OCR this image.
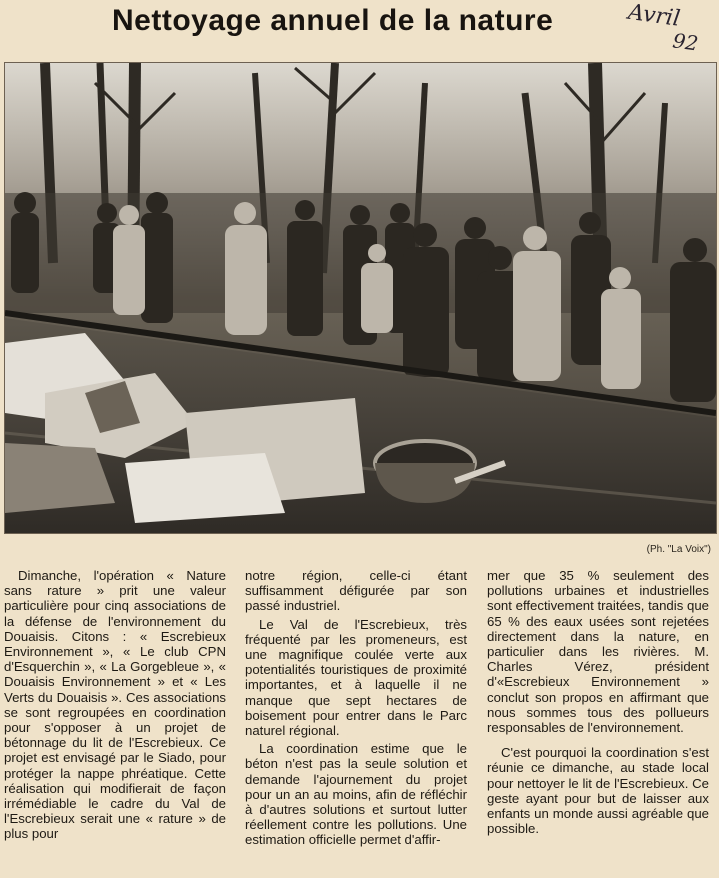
Nettoyage annuel de la nature	Avril
92
(Ph. "La Voix")

Dimanche, l'opération « Nature sans rature » prit une valeur particulière pour cinq associations de la défense de l'environnement du Douaisis. Citons : « Escrebieux Environnement », « Le club CPN d'Esquerchin », « La Gorgebleue », « Douaisis Environnement » et « Les Verts du Douaisis ». Ces associations se sont regroupées en coordination pour s'opposer à un projet de bétonnage du lit de l'Escrebieux. Ce projet est envisagé par le Siado, pour protéger la nappe phréatique. Cette réalisation qui modifierait de façon irrémédiable le cadre du Val de l'Escrebieux serait une « rature » de plus pour

notre région, celle-ci étant suffisamment défigurée par son passé industriel.

Le Val de l'Escrebieux, très fréquenté par les promeneurs, est une magnifique coulée verte aux potentialités touristiques de proximité importantes, et à laquelle il ne manque que sept hectares de boisement pour entrer dans le Parc naturel régional.

La coordination estime que le béton n'est pas la seule solution et demande l'ajournement du projet pour un an au moins, afin de réfléchir à d'autres solutions et surtout lutter réellement contre les pollutions. Une estimation officielle permet d'affir-

mer que 35 % seulement des pollutions urbaines et industrielles sont effectivement traitées, tandis que 65 % des eaux usées sont rejetées directement dans la nature, en particulier dans les rivières. M. Charles Vérez, président d'«Escrebieux Environnement » conclut son propos en affirmant que nous sommes tous des pollueurs responsables de l'environnement.

C'est pourquoi la coordination s'est réunie ce dimanche, au stade local pour nettoyer le lit de l'Escrebieux. Ce geste ayant pour but de laisser aux enfants un monde aussi agréable que possible.
